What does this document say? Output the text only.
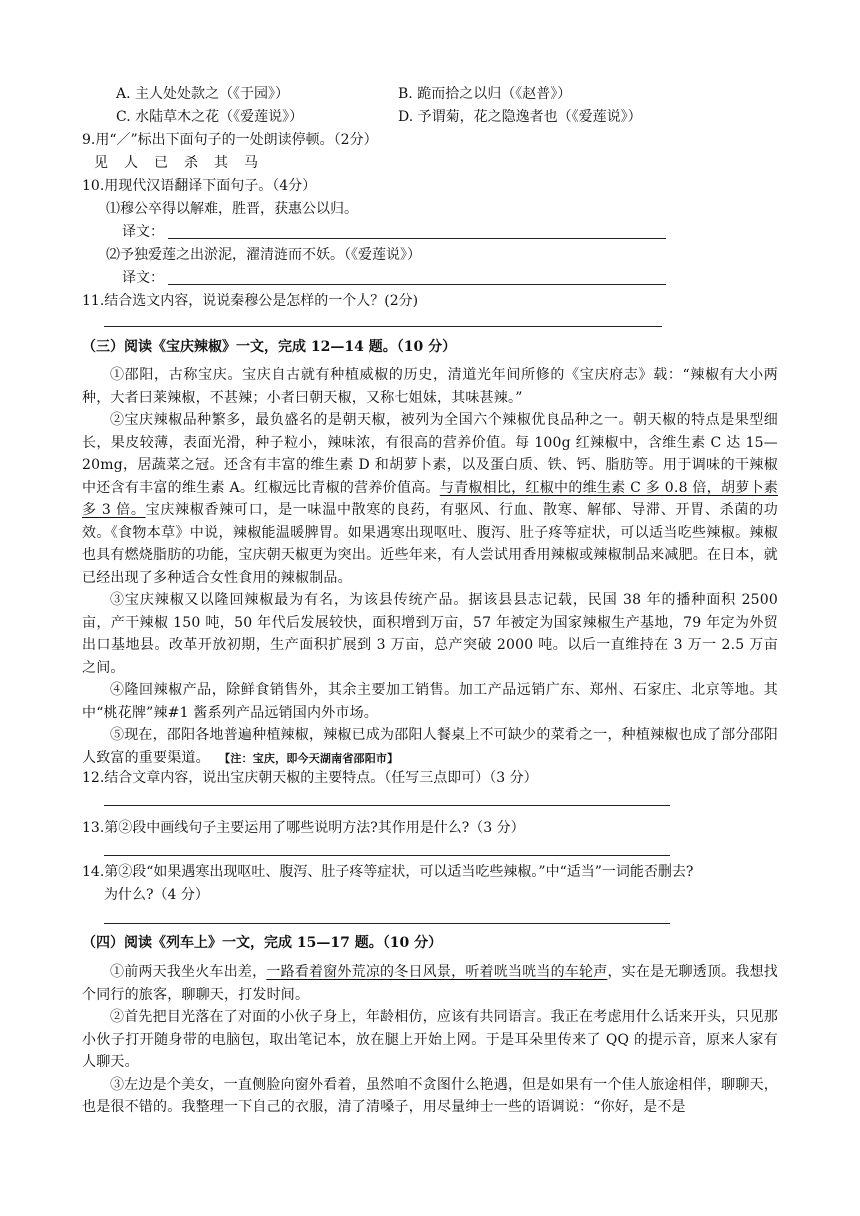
A. 主人处处款之（《于园》）	B. 跪而拾之以归（《赵普》）
C. 水陆草木之花（《爱莲说》）	D. 予谓菊，花之隐逸者也（《爱莲说》）
9.用“／”标出下面句子的一处朗读停顿。（2分）
见人已杀其马
10.用现代汉语翻译下面句子。（4分）
⑴穆公卒得以解难，胜晋，获惠公以归。
译文：
⑵予独爱莲之出淤泥，濯清涟而不妖。（《爱莲说》）
译文：
11.结合选文内容，说说秦穆公是怎样的一个人？(2分)
（三）阅读《宝庆辣椒》一文，完成 12—14 题。（10 分）

①邵阳，古称宝庆。宝庆自古就有种植威椒的历史，清道光年间所修的《宝庆府志》载：“辣椒有大小两种，大者曰莱辣椒，不甚辣；小者曰朝天椒，又称七姐妹，其味甚辣。”

②宝庆辣椒品种繁多，最负盛名的是朝天椒，被列为全国六个辣椒优良品种之一。朝天椒的特点是果型细长，果皮较薄，表面光滑，种子粒小，辣味浓，有很高的营养价值。每 100g 红辣椒中，含维生素 C 达 15—20mg，居蔬菜之冠。还含有丰富的维生素 D 和胡萝卜素，以及蛋白质、铁、钙、脂肪等。用于调味的干辣椒中还含有丰富的维生素 A。红椒远比青椒的营养价值高。与青椒相比，红椒中的维生素 C 多 0.8 倍，胡萝卜素多 3 倍。宝庆辣椒香辣可口，是一味温中散寒的良药，有驱风、行血、散寒、解郁、导滞、开胃、杀菌的功效。《食物本草》中说，辣椒能温暖脾胃。如果遇寒出现呕吐、腹泻、肚子疼等症状，可以适当吃些辣椒。辣椒也具有燃烧脂肪的功能，宝庆朝天椒更为突出。近些年来，有人尝试用香用辣椒或辣椒制品来减肥。在日本，就已经出现了多种适合女性食用的辣椒制品。

③宝庆辣椒又以隆回辣椒最为有名，为该县传统产品。据该县县志记载，民国 38 年的播种面积 2500 亩，产干辣椒 150 吨，50 年代后发展较快，面积增到万亩，57 年被定为国家辣椒生产基地，79 年定为外贸出口基地县。改革开放初期，生产面积扩展到 3 万亩，总产突破 2000 吨。以后一直维持在 3 万一 2.5 万亩之间。

④隆回辣椒产品，除鲜食销售外，其余主要加工销售。加工产品远销广东、郑州、石家庄、北京等地。其中“桃花牌”辣#1 酱系列产品远销国内外市场。

⑤现在，邵阳各地普遍种植辣椒，辣椒已成为邵阳人餐桌上不可缺少的菜肴之一，种植辣椒也成了部分邵阳人致富的重要渠道。 【注：宝庆，即今天湖南省邵阳市】

12.结合文章内容，说出宝庆朝天椒的主要特点。（任写三点即可）（3 分）
13.第②段中画线句子主要运用了哪些说明方法?其作用是什么?（3 分）
14.第②段“如果遇寒出现呕吐、腹泻、肚子疼等症状，可以适当吃些辣椒。”中“适当”一词能否删去?
为什么?（4 分）
（四）阅读《列车上》一文，完成 15—17 题。（10 分）

①前两天我坐火车出差，一路看着窗外荒凉的冬日风景，听着咣当咣当的车轮声，实在是无聊透顶。我想找个同行的旅客，聊聊天，打发时间。

②首先把目光落在了对面的小伙子身上，年龄相仿，应该有共同语言。我正在考虑用什么话来开头，只见那小伙子打开随身带的电脑包，取出笔记本，放在腿上开始上网。于是耳朵里传来了 QQ 的提示音，原来人家有人聊天。

③左边是个美女，一直侧脸向窗外看着，虽然咱不贪图什么艳遇，但是如果有一个佳人旅途相伴，聊聊天，也是很不错的。我整理一下自己的衣服，清了清嗓子，用尽量绅士一些的语调说：“你好，是不是
